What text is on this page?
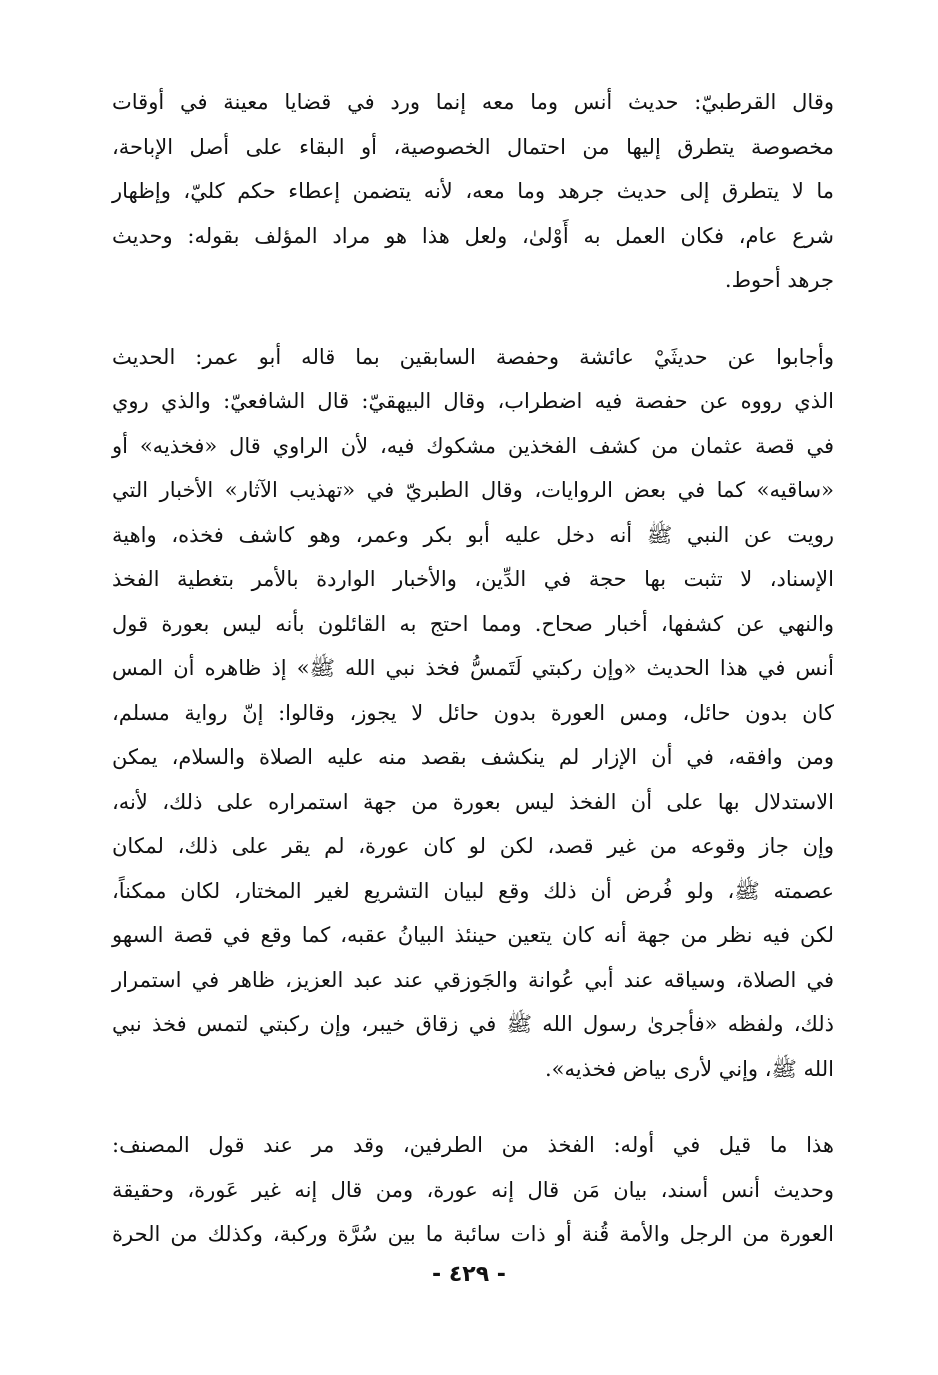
وقال القرطبيّ: حديث أنس وما معه إنما ورد في قضايا معينة في أوقات
مخصوصة يتطرق إليها من احتمال الخصوصية، أو البقاء على أصل الإباحة،
ما لا يتطرق إلى حديث جرهد وما معه، لأنه يتضمن إعطاء حكم كليّ، وإظهار
شرع عام، فكان العمل به أَوْلىٰ، ولعل هذا هو مراد المؤلف بقوله: وحديث
جرهد أحوط.

وأجابوا عن حديثَيْ عائشة وحفصة السابقين بما قاله أبو عمر: الحديث
الذي رووه عن حفصة فيه اضطراب، وقال البيهقيّ: قال الشافعيّ: والذي روي
في قصة عثمان من كشف الفخذين مشكوك فيه، لأن الراوي قال «فخذيه» أو
«ساقيه» كما في بعض الروايات، وقال الطبريّ في «تهذيب الآثار» الأخبار التي
رويت عن النبي ﷺ أنه دخل عليه أبو بكر وعمر، وهو كاشف فخذه، واهية
الإسناد، لا تثبت بها حجة في الدِّين، والأخبار الواردة بالأمر بتغطية الفخذ
والنهي عن كشفها، أخبار صحاح. ومما احتج به القائلون بأنه ليس بعورة قول
أنس في هذا الحديث «وإن ركبتي لَتَمسُّ فخذ نبي الله ﷺ» إذ ظاهره أن المس
كان بدون حائل، ومس العورة بدون حائل لا يجوز، وقالوا: إنّ رواية مسلم،
ومن وافقه، في أن الإزار لم ينكشف بقصد منه عليه الصلاة والسلام، يمكن
الاستدلال بها على أن الفخذ ليس بعورة من جهة استمراره على ذلك، لأنه،
وإن جاز وقوعه من غير قصد، لكن لو كان عورة، لم يقر على ذلك، لمكان
عصمته ﷺ، ولو فُرض أن ذلك وقع لبيان التشريع لغير المختار، لكان ممكناً،
لكن فيه نظر من جهة أنه كان يتعين حينئذ البيانُ عقبه، كما وقع في قصة السهو
في الصلاة، وسياقه عند أبي عُوانة والجَوزقي عند عبد العزيز، ظاهر في استمرار
ذلك، ولفظه «فأجرىٰ رسول الله ﷺ في زقاق خيبر، وإن ركبتي لتمس فخذ نبي
الله ﷺ، وإني لأرى بياض فخذيه».

هذا ما قيل في أوله: الفخذ من الطرفين، وقد مر عند قول المصنف:
وحديث أنس أسند، بيان مَن قال إنه عورة، ومن قال إنه غير عَورة، وحقيقة
العورة من الرجل والأمة قُنة أو ذات سائبة ما بين سُرَّة وركبة، وكذلك من الحرة

- ٤٢٩ -
